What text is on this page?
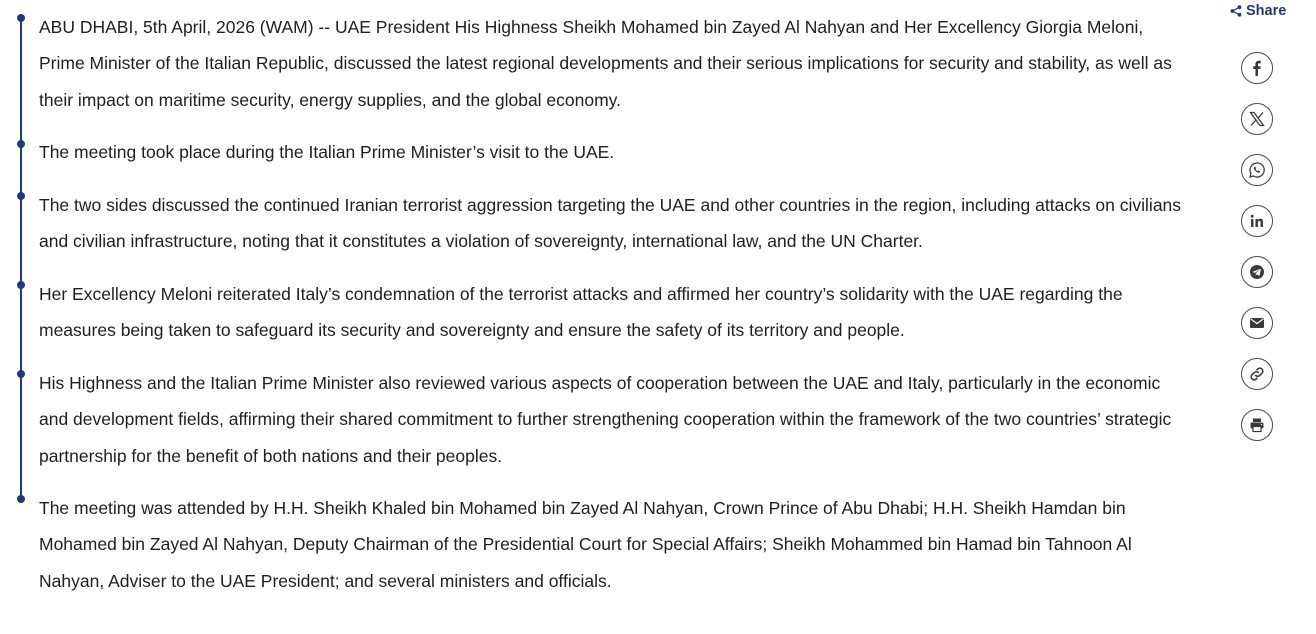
ABU DHABI, 5th April, 2026 (WAM) -- UAE President His Highness Sheikh Mohamed bin Zayed Al Nahyan and Her Excellency Giorgia Meloni, Prime Minister of the Italian Republic, discussed the latest regional developments and their serious implications for security and stability, as well as their impact on maritime security, energy supplies, and the global economy.

The meeting took place during the Italian Prime Minister’s visit to the UAE.

The two sides discussed the continued Iranian terrorist aggression targeting the UAE and other countries in the region, including attacks on civilians and civilian infrastructure, noting that it constitutes a violation of sovereignty, international law, and the UN Charter.

Her Excellency Meloni reiterated Italy’s condemnation of the terrorist attacks and affirmed her country’s solidarity with the UAE regarding the measures being taken to safeguard its security and sovereignty and ensure the safety of its territory and people.

His Highness and the Italian Prime Minister also reviewed various aspects of cooperation between the UAE and Italy, particularly in the economic and development fields, affirming their shared commitment to further strengthening cooperation within the framework of the two countries’ strategic partnership for the benefit of both nations and their peoples.

The meeting was attended by H.H. Sheikh Khaled bin Mohamed bin Zayed Al Nahyan, Crown Prince of Abu Dhabi; H.H. Sheikh Hamdan bin Mohamed bin Zayed Al Nahyan, Deputy Chairman of the Presidential Court for Special Affairs; Sheikh Mohammed bin Hamad bin Tahnoon Al Nahyan, Adviser to the UAE President; and several ministers and officials.

Share
